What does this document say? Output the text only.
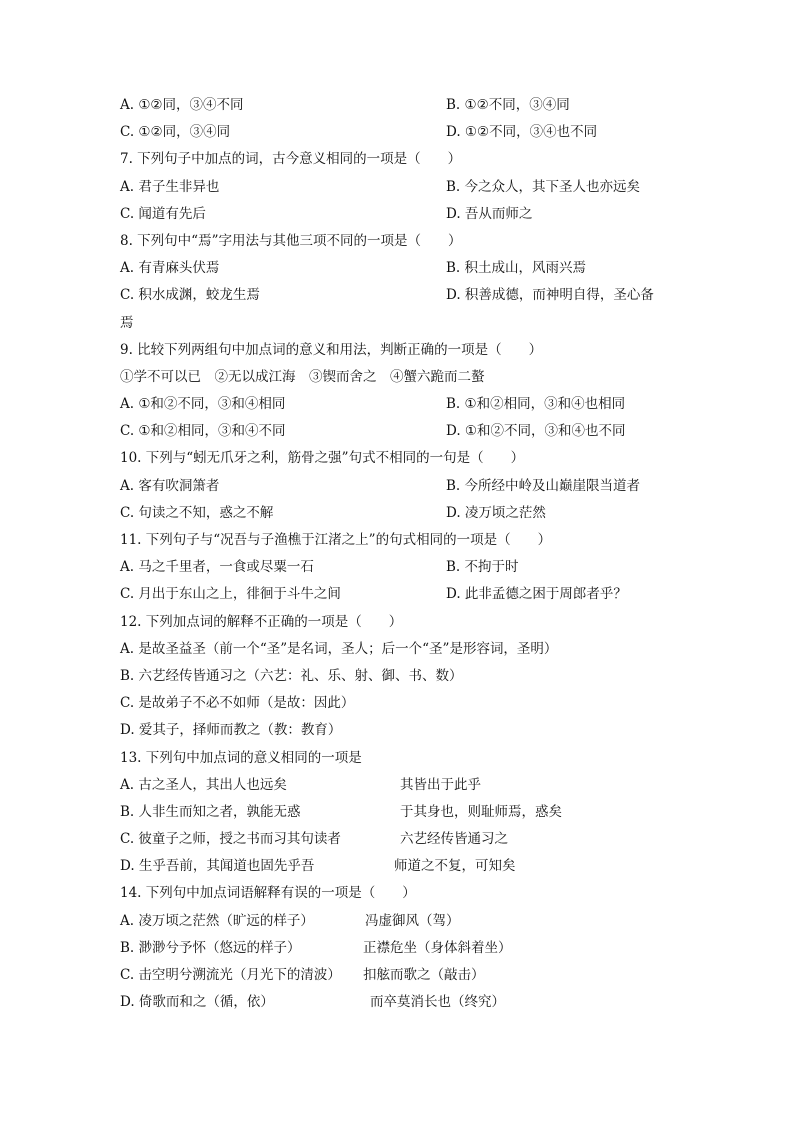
A. ①②同，③④不同	B. ①②不同，③④同
C. ①②同，③④同	D. ①②不同，③④也不同
7. 下列句子中加点的词，古今意义相同的一项是（　　）
A. 君子生非异也	B. 今之众人，其下圣人也亦远矣
C. 闻道有先后	D. 吾从而师之
8. 下列句中“焉”字用法与其他三项不同的一项是（　　）
A. 有青麻头伏焉	B. 积土成山，风雨兴焉
C. 积水成渊，蛟龙生焉	D. 积善成德，而神明自得，圣心备
焉
9. 比较下列两组句中加点词的意义和用法，判断正确的一项是（　　）
①学不可以已　②无以成江海　③锲而舍之　④蟹六跪而二螯
A. ①和②不同，③和④相同	B. ①和②相同，③和④也相同
C. ①和②相同，③和④不同	D. ①和②不同，③和④也不同
10. 下列与“蚓无爪牙之利，筋骨之强”句式不相同的一句是（　　）
A. 客有吹洞箫者	B. 今所经中岭及山巅崖限当道者
C. 句读之不知，惑之不解	D. 凌万顷之茫然
11. 下列句子与“况吾与子渔樵于江渚之上”的句式相同的一项是（　　）
A. 马之千里者，一食或尽粟一石	B. 不拘于时
C. 月出于东山之上，徘徊于斗牛之间	D. 此非孟德之困于周郎者乎？
12. 下列加点词的解释不正确的一项是（　　）
A. 是故圣益圣（前一个“圣”是名词，圣人；后一个“圣”是形容词，圣明）
B. 六艺经传皆通习之（六艺：礼、乐、射、御、书、数）
C. 是故弟子不必不如师（是故：因此）
D. 爱其子，择师而教之（教：教育）
13. 下列句中加点词的意义相同的一项是
A. 古之圣人，其出人也远矣	其皆出于此乎
B. 人非生而知之者，孰能无惑	于其身也，则耻师焉，惑矣
C. 彼童子之师，授之书而习其句读者	六艺经传皆通习之
D. 生乎吾前，其闻道也固先乎吾	师道之不复，可知矣
14. 下列句中加点词语解释有误的一项是（　　）
A. 凌万顷之茫然（旷远的样子）	冯虚御风（驾）
B. 渺渺兮予怀（悠远的样子）	正襟危坐（身体斜着坐）
C. 击空明兮溯流光（月光下的清波） 扣舷而歌之（敲击）
D. 倚歌而和之（循，依）	而卒莫消长也（终究）
